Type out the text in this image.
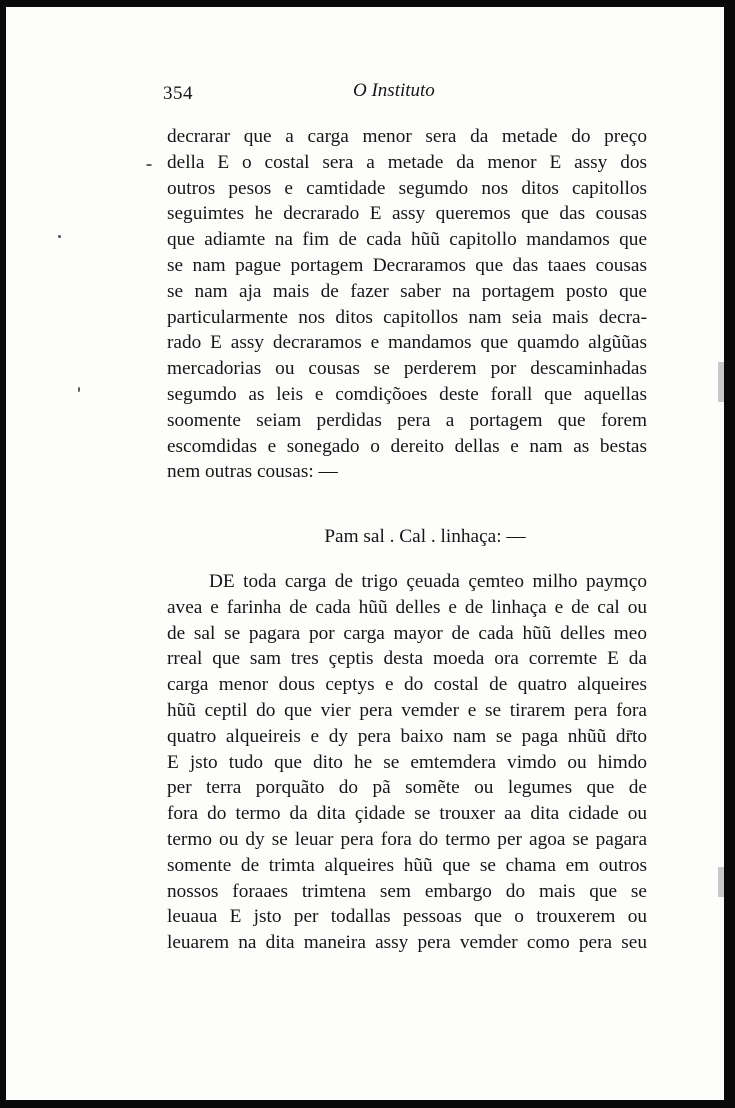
354	O Instituto
decrarar que a carga menor sera da metade do preço
della E o costal sera a metade da menor E assy dos
outros pesos e camtidade segumdo nos ditos capitollos
seguimtes he decrarado E assy queremos que das cousas
que adiamte na fim de cada hũũ capitollo mandamos que
se nam pague portagem Decraramos que das taaes cousas
se nam aja mais de fazer saber na portagem posto que
particularmente nos ditos capitollos nam seia mais decra-
rado E assy decraramos e mandamos que quamdo algũũas
mercadorias ou cousas se perderem por descaminhadas
segumdo as leis e comdiçõoes deste forall que aquellas
soomente seiam perdidas pera a portagem que forem
escomdidas e sonegado o dereito dellas e nam as bestas
nem outras cousas: —
Pam sal . Cal . linhaça: —
DE toda carga de trigo çeuada çemteo milho paymço
avea e farinha de cada hũũ delles e de linhaça e de cal ou
de sal se pagara por carga mayor de cada hũũ delles meo
rreal que sam tres çeptis desta moeda ora corremte E da
carga menor dous ceptys e do costal de quatro alqueires
hũũ ceptil do que vier pera vemder e se tirarem pera fora
quatro alqueireis e dy pera baixo nam se paga nhũũ dr̄to
E jsto tudo que dito he se emtemdera vimdo ou himdo
per terra porquãto do pã somẽte ou legumes que de
fora do termo da dita çidade se trouxer aa dita cidade ou
termo ou dy se leuar pera fora do termo per agoa se pagara
somente de trimta alqueires hũũ que se chama em outros
nossos foraaes trimtena sem embargo do mais que se
leuaua E jsto per todallas pessoas que o trouxerem ou
leuarem na dita maneira assy pera vemder como pera seu
